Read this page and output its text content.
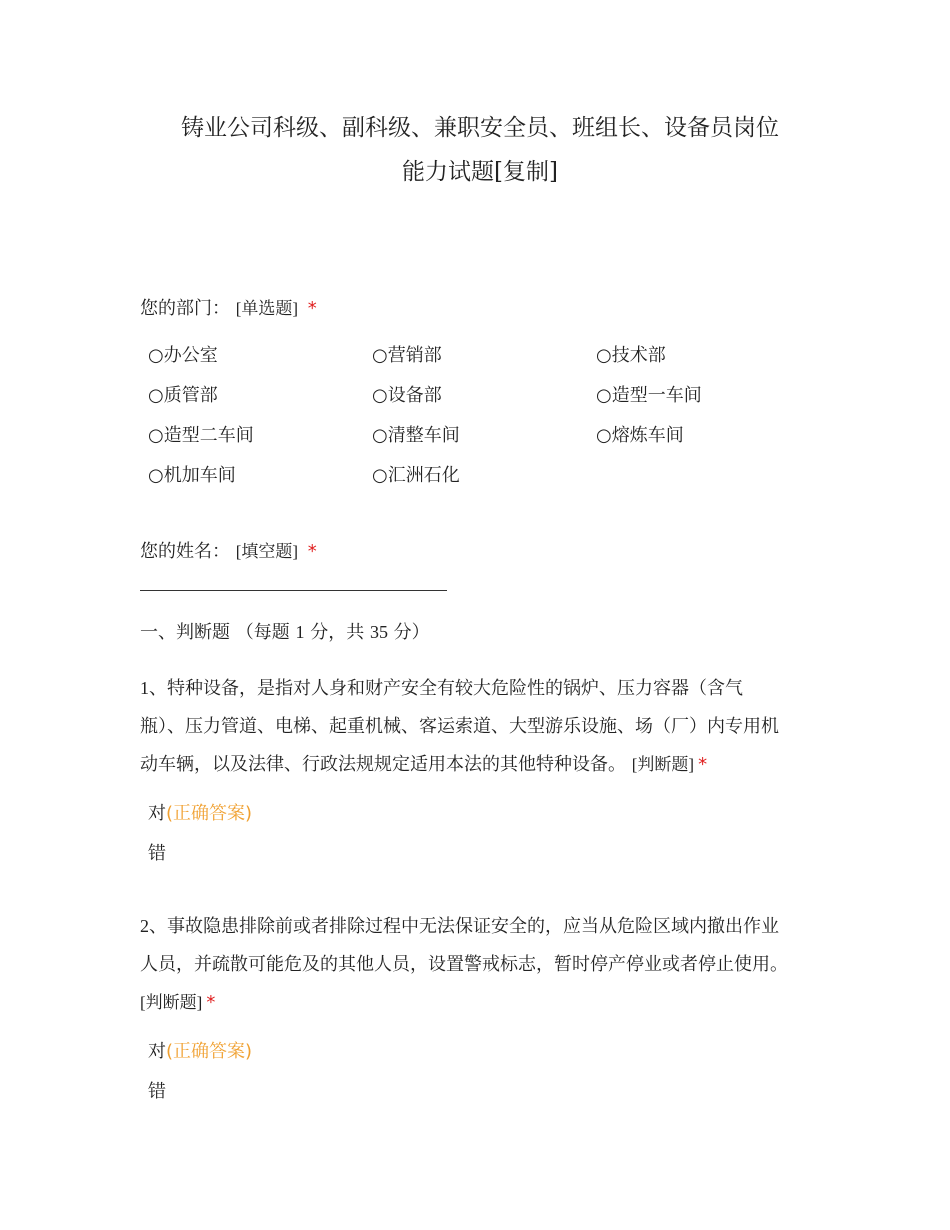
铸业公司科级、副科级、兼职安全员、班组长、设备员岗位
能力试题[复制]
您的部门： [单选题] *
○办公室	○营销部	○技术部
○质管部	○设备部	○造型一车间
○造型二车间	○清整车间	○熔炼车间
○机加车间	○汇洲石化
您的姓名： [填空题] *
一、判断题 （每题 1 分，共 35 分）
1、特种设备，是指对人身和财产安全有较大危险性的锅炉、压力容器（含气
瓶）、压力管道、电梯、起重机械、客运索道、大型游乐设施、场（厂）内专用机
动车辆，以及法律、行政法规规定适用本法的其他特种设备。 [判断题] *
对(正确答案)
错
2、事故隐患排除前或者排除过程中无法保证安全的，应当从危险区域内撤出作业
人员，并疏散可能危及的其他人员，设置警戒标志，暂时停产停业或者停止使用。
[判断题] *
对(正确答案)
错
